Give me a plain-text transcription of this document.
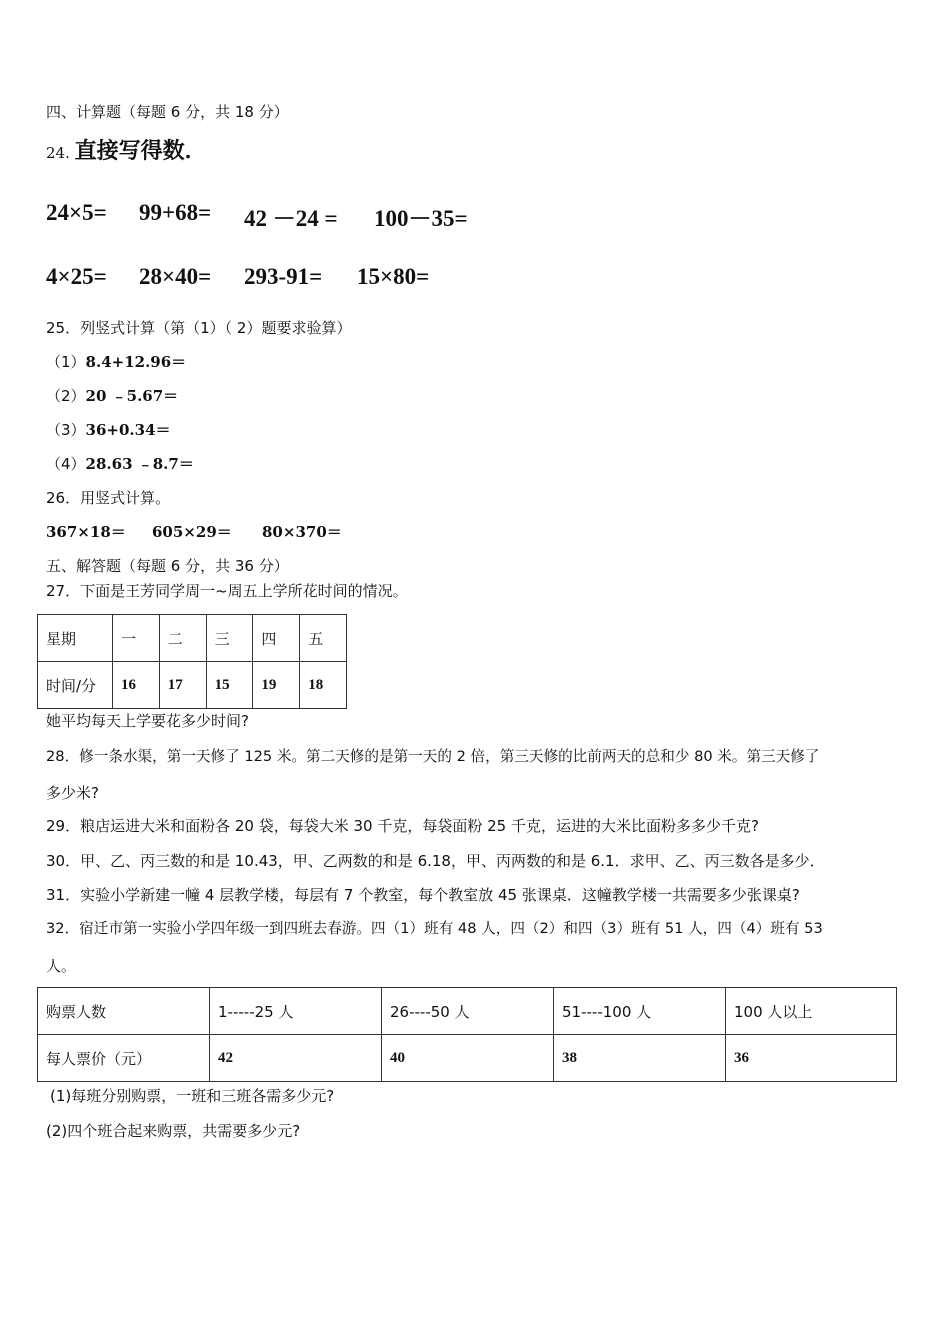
四、计算题（每题 6 分，共 18 分）
24. 直接写得数．
24×5= 99+68= 42 －24 = 100－35=
4×25= 28×40= 293-91= 15×80=
25．列竖式计算（第（1）（ 2）题要求验算）
（1）8.4+12.96＝
（2）20 ﹣5.67＝
（3）36+0.34＝
（4）28.63 ﹣8.7＝
26．用竖式计算。
367×18＝ 605×29＝ 80×370＝
五、解答题（每题 6 分，共 36 分）
27．下面是王芳同学周一~周五上学所花时间的情况。
星期	一	二	三	四	五
时间/分	16	17	15	19	18
她平均每天上学要花多少时间?
28．修一条水渠，第一天修了 125 米。第二天修的是第一天的 2 倍，第三天修的比前两天的总和少 80 米。第三天修了
多少米?
29．粮店运进大米和面粉各 20 袋，每袋大米 30 千克，每袋面粉 25 千克，运进的大米比面粉多多少千克?
30．甲、乙、丙三数的和是 10.43，甲、乙两数的和是 6.18，甲、丙两数的和是 6.1．求甲、乙、丙三数各是多少．
31．实验小学新建一幢 4 层教学楼，每层有 7 个教室，每个教室放 45 张课桌．这幢教学楼一共需要多少张课桌?
32．宿迁市第一实验小学四年级一到四班去春游。四（1）班有 48 人，四（2）和四（3）班有 51 人，四（4）班有 53
人。
购票人数	1-----25 人	26----50 人	51----100 人	100 人以上
每人票价（元）	42	40	38	36
(1)每班分别购票，一班和三班各需多少元?
(2)四个班合起来购票，共需要多少元?
